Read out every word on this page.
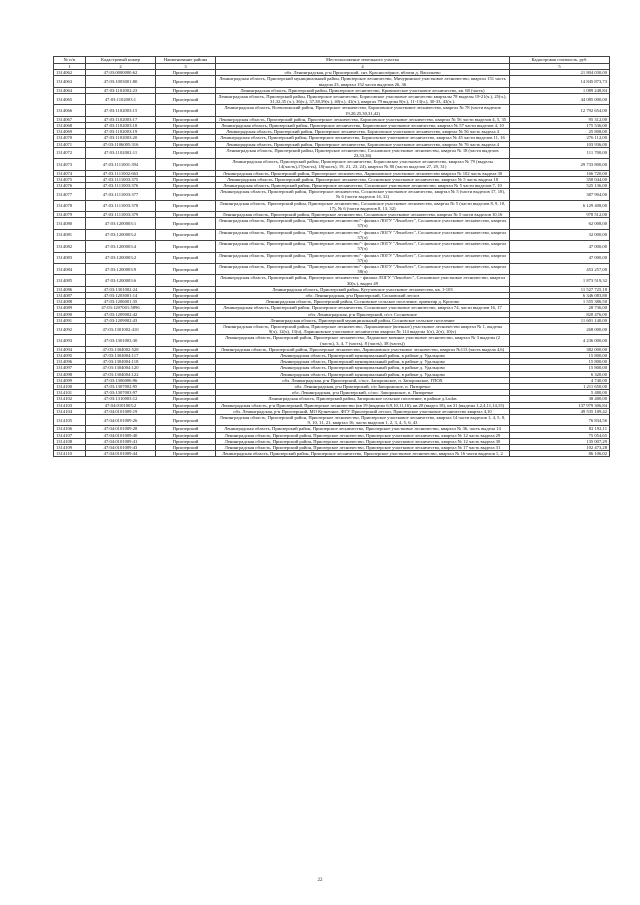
№ п/п	Кадастровый номер	Наименование района	Местоположение земельного участка	Кадастровая стоимость, руб.
1	2	3	4	5
1314062	47:03:0000000:62	Приозерский	обл. Ленинградская, р-н Приозерский, снт. Красноозёрное, вблизи д. Васильево	21 804 030,00
1314063	47:03:1003001:80	Приозерский	Ленинградская область, Приозерский муниципальный район, Приозерское лесничество, Мичуринское участковое лесничество, квартал 151 часть выдела 23, квартал 152 части выделов 26, 36	14 845 873,73
1314064	47:03:1102002:23	Приозерский	Ленинградская область, Приозерский район, Приозерское лесничество, Кривошеское участковое лесничество, кв. 68 (часть)	1 089 248,84
1314065	47:03:1102003:1	Приозерский	Ленинградская область, Приозерский район, Приозерское лесничество, Борисовское участковое лесничество кварталы 78 выделы 19-21(ч.), 25(ч.), 31,32,35 (ч.), 36(ч.), 37,38,39(ч.), 40(ч.), 41(ч.), квартал 79 выделы 8(ч.), 11-13(ч.), 30-33, 43(ч.).	44 085 000,00
1314066	47:03:1102003:15	Приозерский	Ленинградская область, Всеволожский район, Приозерское лесничество, Борисовское участковое лесничество, квартал № 78 (части выделов 19,20,25,30,31,42)	12 792 654,00
1314067	47:03:1102003:17	Приозерский	Ленинградская область, Приозерский район, Приозерское лесничество, Борисовское участковое лесничество, квартал № 56 части выделов 4, 5, 35	95 312,00
1314068	47:03:1102003:18	Приозерский	Ленинградская область, Приозерский район, Приозерское лесничество, Борисовское участковое лесничество, квартал № 57 части выделов 4, 10	175 536,00
1314069	47:03:1102003:19	Приозерский	Ленинградская область, Приозерский район, Приозерское лесничество, Борисовское участковое лесничество, квартал № 56 часть выдела 4	25 808,00
1314070	47:03:1102003:20	Приозерский	Ленинградская область, Приозерский район, Приозерское лесничество, Борисовское участковое лесничество, квартал № 45 части выделов 11, 16	276 112,00
1314071	47:03:1106005:316	Приозерский	Ленинградская область, Приозерский район, Приозерское лесничество, Борисовское участковое лесничество, квартал № 76 часть выдела 4	103 936,00
1314072	47:03:1102002:11	Приозерский	Ленинградская область, Приозерский район, Приозерское лесничество, Сосновское участковое лесничество, квартал № 18 (части выделов 23,33,36)	111 700,00
1314073	47:03:1111001:394	Приозерский	Ленинградская область, Приозерский район, Приозерское лесничество, Борисовское участковое лесничество, квартал № 79 (выделы 14(часть),17(часть), 18(часть), 19, 21, 23, 24), квартал № 80 (части выделов 27, 29, 31)	29 733 800,00
1314074	47:03:1111002:663	Приозерский	Ленинградская область, Приозерский район, Приозерское лесничество, Ларионовское участковое лесничество квартал № 102 часть выдела 30	166 720,00
1314075	47:03:1111003:375	Приозерский	Ленинградская область, Приозерский район, Приозерское лесничество, Сосновское участковое лесничество, квартал № 5 часть выдела 18	358 044,00
1314076	47:03:1111003:376	Приозерский	Ленинградская область, Приозерский район, Приозерское лесничество, Сосновское участковое лесничество, квартал № 5 части выделов 7, 10	525 136,00
1314077	47:03:1111003:377	Приозерский	Ленинградская область, Приозерский район, Приозерское лесничество, Сосновское участковое лесничество, квартал № 5 (части выделов 17, 18), № 6 (части выделов 14, 32)	387 904,00
1314078	47:03:1111003:378	Приозерский	Ленинградская область, Приозерский район, Приозерское лесничество, Сосновское участковое лесничество, квартал № 5 (части выделов 8, 9, 10, 17), № 6 (части выделов 8, 13, 32)	6 129 408,00
1314079	47:03:1111003:379	Приозерский	Ленинградская область, Приозерский район, Приозерское лесничество, Сосновское участковое лесничество, квартал № 5 части выделов 10,16	978 512,00
1314080	47:03:1200003:1	Приозерский	Ленинградская область, Приозерский район, "Приозерское лесничество"- филиал ЛОГУ "Леноблес", Сосновское участковое лесничество, квартал 57(ч)	62 008,00
1314081	47:03:1200003:2	Приозерский	Ленинградская область, Приозерский район, "Приозерское лесничество"- филиал ЛОГУ "Леноблес", Сосновское участковое лесничество, квартал 57(ч)	32 000,00
1314082	47:03:1200003:4	Приозерский	Ленинградская область, Приозерский район, "Приозерское лесничество"- филиал ЛОГУ "Леноблес", Сосновское участковое лесничество, квартал 57(ч)	47 000,00
1314083	47:03:1200003:2	Приозерский	Ленинградская область, Приозерский район, "Приозерское лесничество"- филиал ЛОГУ "Леноблес", Сосновское участковое лесничество, квартал 57(ч)	47 000,00
1314084	47:03:1200003:9	Приозерский	Ленинградская область, Приозерский район, "Приозерское лесничество"- филиал ЛОГУ "Леноблес", Сосновское участковое лесничество, квартал 58(ч)	453 257,00
1314085	47:03:1200003:6	Приозерский	Ленинградская область, Приозерский район, Приозерское лесничество - филиал ЛОГУ "Леноблес", Сосновское участковое лесничество, квартал 30(ч.), выдел 49	1 873 519,32
1314086	47:03:1301002:24	Приозерский	Ленинградская область, Приозерский район, Кутузовское участковое лесничество, кв. 1-103	11 527 725,18
1314087	47:03:1203001:14	Приозерский	обл. Ленинградская, р-н Приозерский, Сосновский лесхоз	6 346 083,80
1314088	47:03:1206001:35	Приозерский	Ленинградская область, Приозерский район, Сосновское сельское поселение, ориентир д. Кротово	1 555 386,50
1314089	47:03:1207001:5896	Приозерский	Ленинградская область, Приозерский район, Приозерское лесничество, Сосновское участковое лесничество, квартал 74, части выделов 16, 17	28 736,00
1314090	47:03:1209002:42	Приозерский	обл. Ленинградская, р-н Приозерский, п/ст. Сосновское	820 476,00
1314091	47:03:1209002:43	Приозерский	Ленинградская область, Приозерский муниципальный район, Сосновское сельское поселение	11 601 140,00
1314092	47:03:1301002:410	Приозерский	Ленинградская область, Приозерский район, Приозерское лесничество, Ларионовское (военное) участковое лесничество квартал № 1, выделы 9(ч), 12(ч), 13(ч), Ларионовское участковое лесничество квартал № 114 выделы 1(ч), 2(ч), 10(ч)	268 000,00
1314093	47:03:1301003:30	Приозерский	Ленинградская область, Приозерский район, Приозерское лесничество, Ладожское военное участковое лесничество, квартал № 3 выделы (2 (часть), 3, 4, 7 (часть), 8 (часть), 38 (часть))	4 236 000,00
1314094	47:03:1304002:528	Приозерский	Ленинградская область, Приозерский район, Приозерское лесничество, Ларионовское участковое лесничество, квартал №113 (часть выдела 4,6)	382 000,00
1314095	47:03:1304004:117	Приозерский	Ленинградская область, Приозерский муниципальный район, в районе д. Удальцово	15 800,00
1314096	47:03:1304004:118	Приозерский	Ленинградская область, Приозерский муниципальный район, в районе д. Удальцово	15 800,00
1314097	47:03:1304004:120	Приозерский	Ленинградская область, Приозерский муниципальный район, в районе д. Удальцово	15 800,00
1314098	47:03:1304004:122	Приозерский	Ленинградская область, Приозерский муниципальный район, в районе д. Удальцово	6 320,00
1314099	47:03:1306006:96	Приозерский	обл. Ленинградская, р-н Приозерский, с/пос. Запорожское, п. Запорожское, ГПОХ	4 740,00
1314100	47:03:1307002:95	Приозерский	обл. Ленинградская, р-н Приозерский, с/п Запорожское, п. Пятиречье	1 211 650,00
1314101	47:03:1307003:97	Приозерский	обл. Ленинградская, р-н Приозерский, с/пос. Запорожское, п. Пятиречье	5 480,00
1314102	47:03:1310003:12	Приозерский	Ленинградская область, Приозерский район, Запорожское сельское поселение, в районе д.Ludas	38 480,00
1314103	47:04:0101003:2	Приозерский	Ленинградская область, р-н Приозерский, Приозерское лесничество (кв 19 (выделы 6,9,10,11,16), кв 20 (выдел 18), кв 31 (выделы 1,2,4,11,14,15)	137 979 306,84
1314104	47:04:0101009:19	Приозерский	обл. Ленинградская, р-н Приозерский, МО Кузнечное, ФГУ Приозерский лесхоз, Приозерское участковое лесничество квартал 4,10	49 535 189,42
1314105	47:04:0101009:26	Приозерский	Ленинградская область, Приозерский район, Приозерское лесничество, Приозерское участковое лесничество, квартал 14 части выделов 1, 4, 5, 8, 9, 10, 11, 21, квартал 16, части выделов 1, 2, 3, 4, 5, 6, 43	76 834,56
1314106	47:04:0101009:28	Приозерский	Ленинградская область, Приозерский район, Приозерское лесничество, Приозерское участковое лесничество, квартал № 36, часть выдела 14	82 192,11
1314107	47:04:0101009:40	Приозерский	Ленинградская область, Приозерский район, Приозерское лесничество, Приозерское участковое лесничество, квартал № 12 часть выдела 29	75 054,65
1314108	47:04:0101009:41	Приозерский	Ленинградская область, Приозерский район, Приозерское лесничество, Приозерское участковое лесничество, квартал № 12 часть выдела 30	135 007,29
1314109	47:04:0101009:43	Приозерский	Ленинградская область, Приозерский район, Приозерское лесничество, Приозерское участковое лесничество, квартал № 17 часть выдела 31	102 473,28
1314110	47:04:0101009:44	Приозерский	Ленинградская область, Приозерский район, Приозерское лесничество, Приозерское участковое лесничество, квартал № 16 части выделов 1, 2	86 106,02
22
